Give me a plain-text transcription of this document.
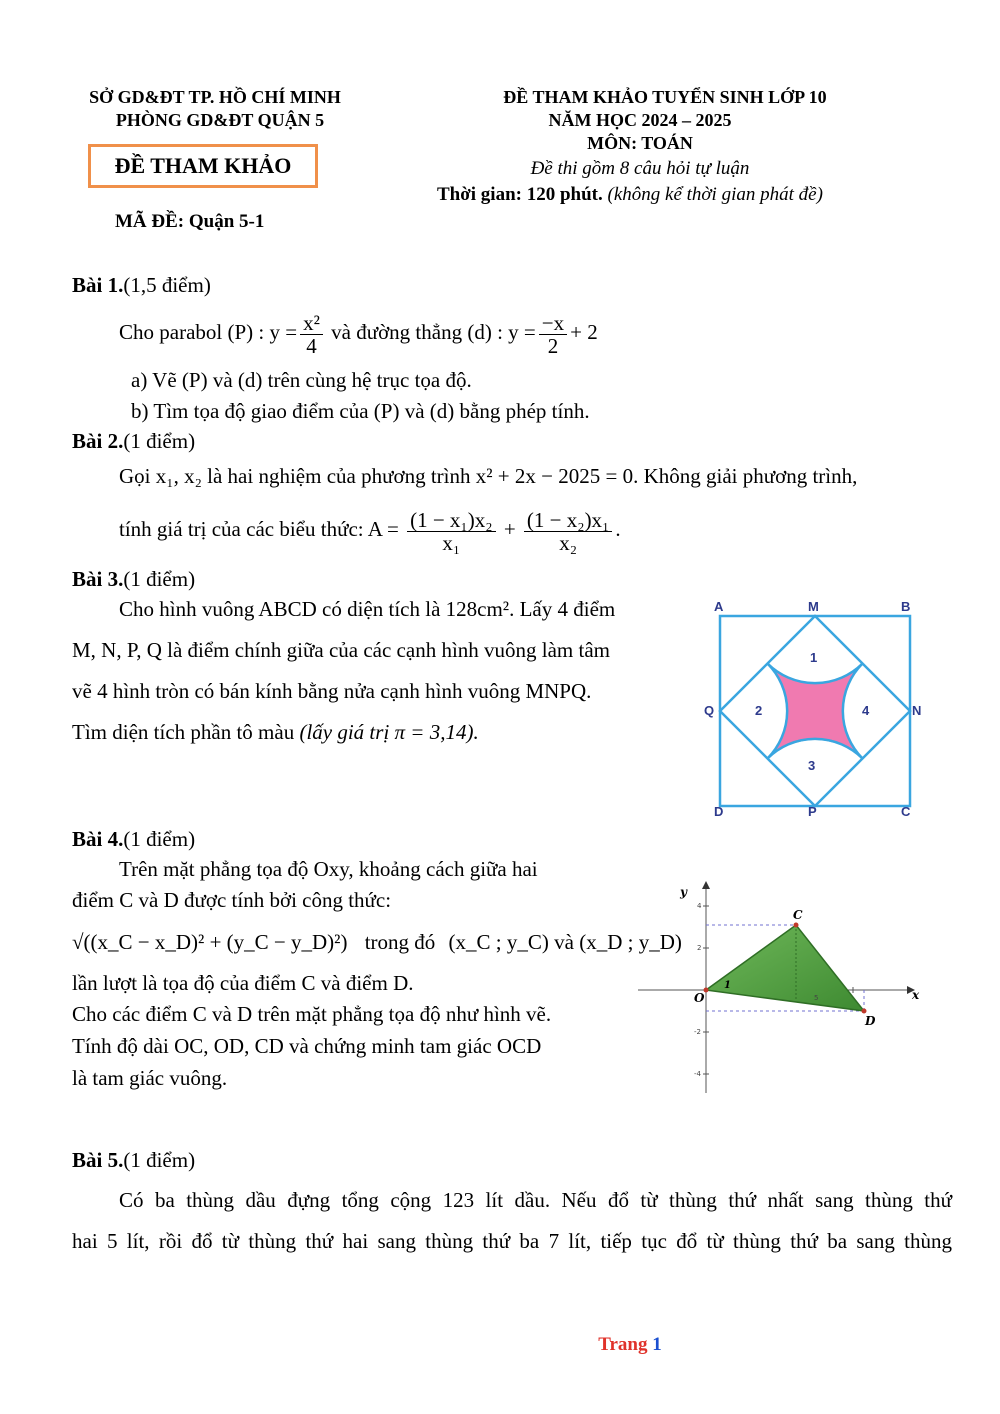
SỞ GD&ĐT TP. HỒ CHÍ MINH
PHÒNG GD&ĐT QUẬN 5
ĐỀ THAM KHẢO
MÃ ĐỀ: Quận 5-1
ĐỀ THAM KHẢO TUYỂN SINH LỚP 10
NĂM HỌC 2024 – 2025
MÔN: TOÁN
Đề thi gồm 8 câu hỏi tự luận
Thời gian: 120 phút. (không kể thời gian phát đề)
Bài 1.(1,5 điểm)
Cho parabol (P) : $y = \frac{\text{x²}}{4}$ và đường thẳng (d) : $y = \frac{-x}{2} + 2$
a) Vẽ (P) và (d) trên cùng hệ trục tọa độ.
b) Tìm tọa độ giao điểm của (P) và (d) bằng phép tính.
Bài 2.(1 điểm)
Gọi x₁, x₂ là hai nghiệm của phương trình x² + 2x − 2025 = 0. Không giải phương trình,
tính giá trị của các biểu thức: $A = \frac{\text{(1 − x₁)x₂}}{\text{x₁}} + \frac{\text{(1 − x₂)x₁}}{\text{x₂}}$ .
Bài 3.(1 điểm)
Cho hình vuông ABCD có diện tích là 128cm². Lấy 4 điểm
M, N, P, Q là điểm chính giữa của các cạnh hình vuông làm tâm
vẽ 4 hình tròn có bán kính bằng nửa cạnh hình vuông MNPQ.
Tìm diện tích phần tô màu (lấy giá trị π = 3,14).
A	M	B
Q	N
D	P	C
1
2
3
4
Bài 4.(1 điểm)
Trên mặt phẳng tọa độ Oxy, khoảng cách giữa hai
điểm C và D được tính bởi công thức:
√((x_C − x_D)² + (y_C − y_D)²) trong đó (x_C ; y_C) và (x_D ; y_D)
lần lượt là tọa độ của điểm C và điểm D.
Cho các điểm C và D trên mặt phẳng tọa độ như hình vẽ.
Tính độ dài OC, OD, CD và chứng minh tam giác OCD
là tam giác vuông.
y
x
O
C
D
1
5
4
2
-2
-4
Bài 5.(1 điểm)
Có ba thùng dầu đựng tổng cộng 123 lít dầu. Nếu đổ từ thùng thứ nhất sang thùng thứ
hai 5 lít, rồi đổ từ thùng thứ hai sang thùng thứ ba 7 lít, tiếp tục đổ từ thùng thứ ba sang thùng
Trang 1
